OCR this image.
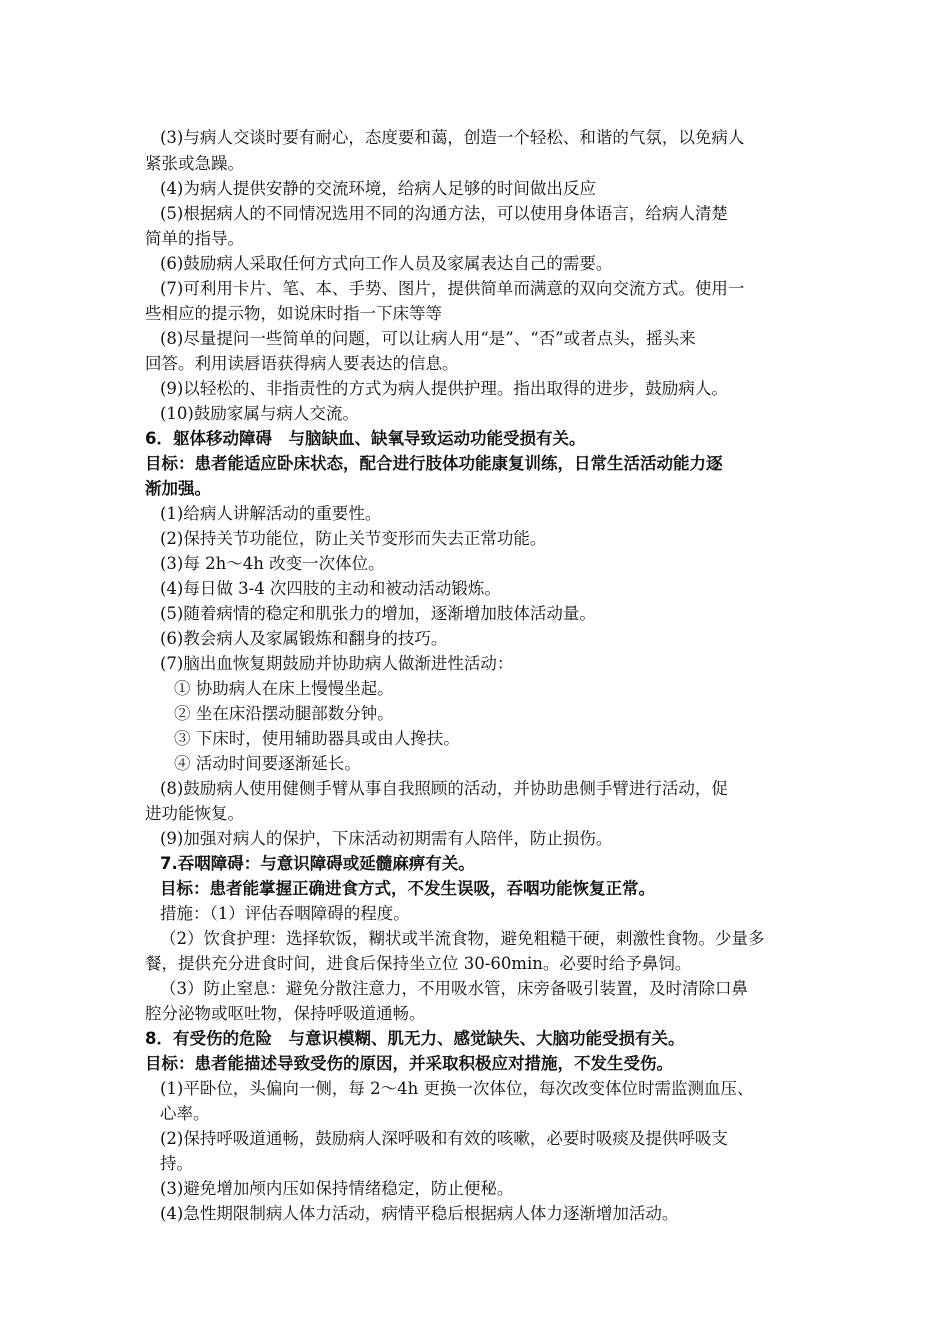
(3)与病人交谈时要有耐心，态度要和蔼，创造一个轻松、和谐的气氛，以免病人
紧张或急躁。
(4)为病人提供安静的交流环境，给病人足够的时间做出反应
(5)根据病人的不同情况选用不同的沟通方法，可以使用身体语言，给病人清楚
简单的指导。
(6)鼓励病人采取任何方式向工作人员及家属表达自己的需要。
(7)可利用卡片、笔、本、手势、图片，提供简单而满意的双向交流方式。使用一
些相应的提示物，如说床时指一下床等等
(8)尽量提问一些简单的问题，可以让病人用“是”、“否”或者点头，摇头来
回答。利用读唇语获得病人要表达的信息。
(9)以轻松的、非指责性的方式为病人提供护理。指出取得的进步，鼓励病人。
(10)鼓励家属与病人交流。
6．躯体移动障碍　与脑缺血、缺氧导致运动功能受损有关。
目标：患者能适应卧床状态，配合进行肢体功能康复训练，日常生活活动能力逐
渐加强。
(1)给病人讲解活动的重要性。
(2)保持关节功能位，防止关节变形而失去正常功能。
(3)每 2h～4h 改变一次体位。
(4)每日做 3-4 次四肢的主动和被动活动锻炼。
(5)随着病情的稳定和肌张力的增加，逐渐增加肢体活动量。
(6)教会病人及家属锻炼和翻身的技巧。
(7)脑出血恢复期鼓励并协助病人做渐进性活动：
① 协助病人在床上慢慢坐起。
② 坐在床沿摆动腿部数分钟。
③ 下床时，使用辅助器具或由人搀扶。
④ 活动时间要逐渐延长。
(8)鼓励病人使用健侧手臂从事自我照顾的活动，并协助患侧手臂进行活动，促
进功能恢复。
(9)加强对病人的保护，下床活动初期需有人陪伴，防止损伤。
7.吞咽障碍：与意识障碍或延髓麻痹有关。
目标：患者能掌握正确进食方式，不发生误吸，吞咽功能恢复正常。
措施：（1）评估吞咽障碍的程度。
（2）饮食护理：选择软饭，糊状或半流食物，避免粗糙干硬，刺激性食物。少量多
餐，提供充分进食时间，进食后保持坐立位 30-60min。必要时给予鼻饲。
（3）防止窒息：避免分散注意力，不用吸水管，床旁备吸引装置，及时清除口鼻
腔分泌物或呕吐物，保持呼吸道通畅。
8．有受伤的危险　与意识模糊、肌无力、感觉缺失、大脑功能受损有关。
目标：患者能描述导致受伤的原因，并采取积极应对措施，不发生受伤。
(1)平卧位，头偏向一侧，每 2～4h 更换一次体位，每次改变体位时需监测血压、
心率。
(2)保持呼吸道通畅，鼓励病人深呼吸和有效的咳嗽，必要时吸痰及提供呼吸支
持。
(3)避免增加颅内压如保持情绪稳定，防止便秘。
(4)急性期限制病人体力活动，病情平稳后根据病人体力逐渐增加活动。
